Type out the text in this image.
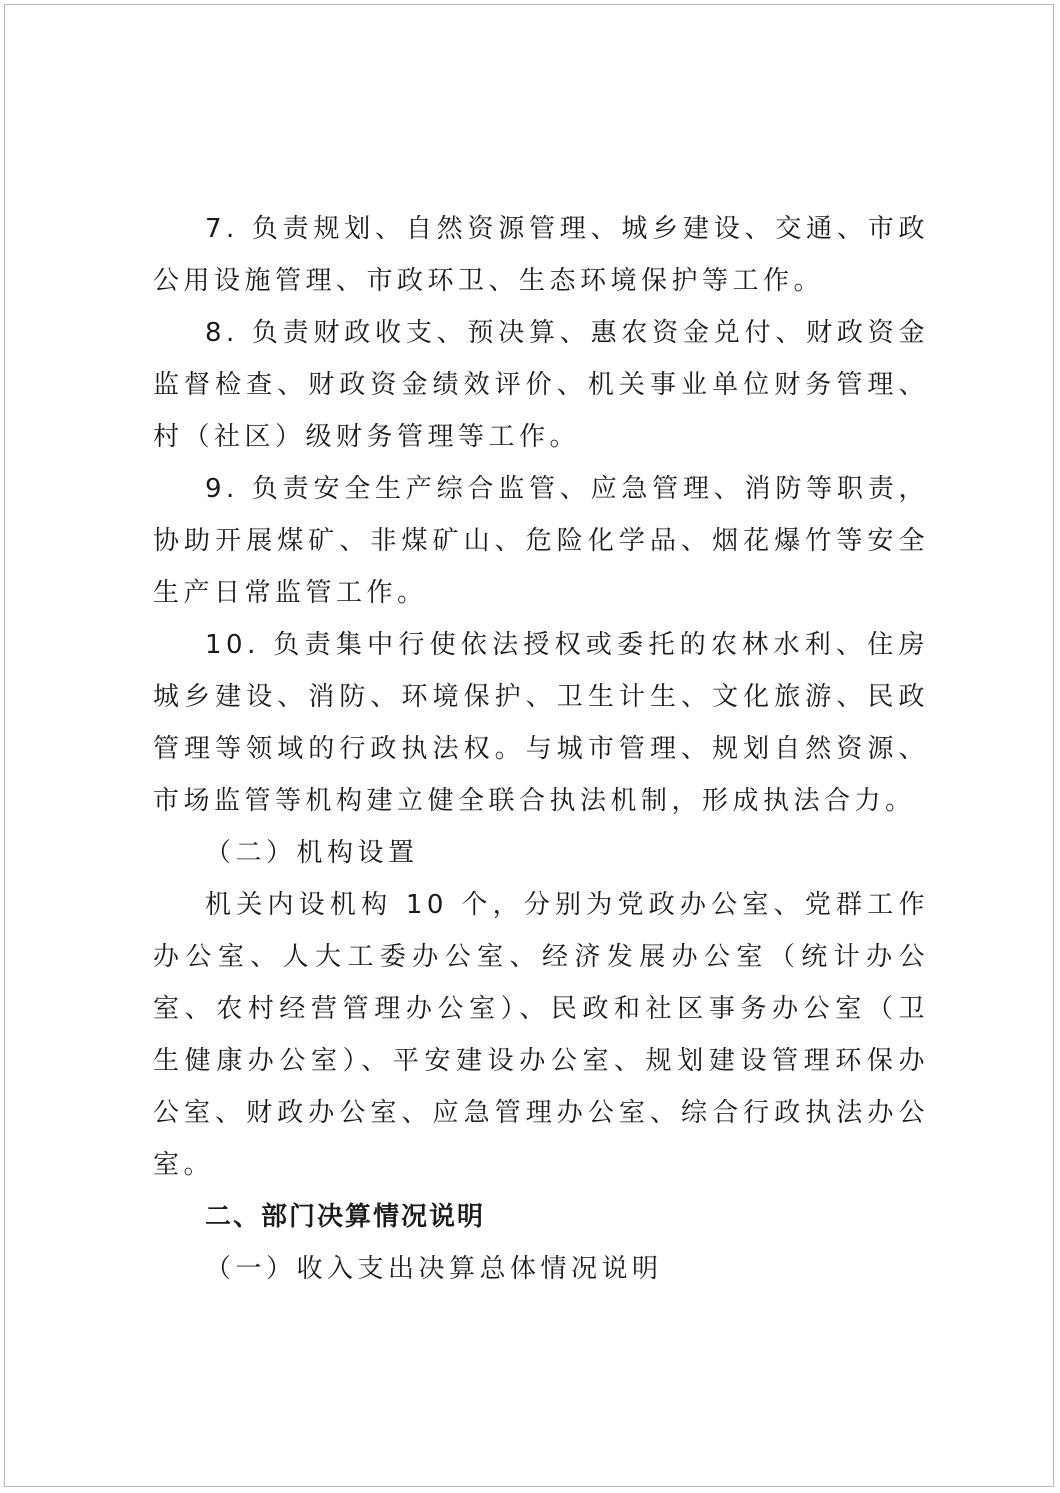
7. 负责规划、自然资源管理、城乡建设、交通、市政公用设施管理、市政环卫、生态环境保护等工作。

8. 负责财政收支、预决算、惠农资金兑付、财政资金监督检查、财政资金绩效评价、机关事业单位财务管理、村（社区）级财务管理等工作。

9. 负责安全生产综合监管、应急管理、消防等职责，协助开展煤矿、非煤矿山、危险化学品、烟花爆竹等安全生产日常监管工作。

10. 负责集中行使依法授权或委托的农林水利、住房城乡建设、消防、环境保护、卫生计生、文化旅游、民政管理等领域的行政执法权。与城市管理、规划自然资源、市场监管等机构建立健全联合执法机制，形成执法合力。

（二）机构设置

机关内设机构 10 个，分别为党政办公室、党群工作办公室、人大工委办公室、经济发展办公室（统计办公室、农村经营管理办公室）、民政和社区事务办公室（卫生健康办公室）、平安建设办公室、规划建设管理环保办公室、财政办公室、应急管理办公室、综合行政执法办公室。

二、部门决算情况说明

（一）收入支出决算总体情况说明
